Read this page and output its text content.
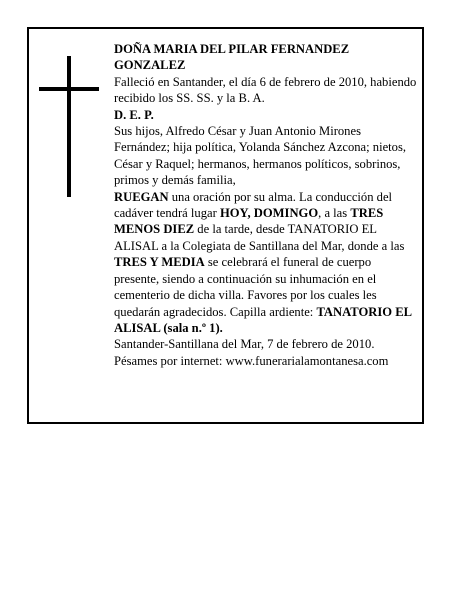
DOÑA MARIA DEL PILAR FERNANDEZ GONZALEZ

Falleció en Santander, el día 6 de febrero de 2010, habiendo recibido los SS. SS. y la B. A.

D. E. P.

Sus hijos, Alfredo César y Juan Antonio Mirones Fernández; hija política, Yolanda Sánchez Azcona; nietos, César y Raquel; hermanos, hermanos políticos, sobrinos, primos y demás familia,

RUEGAN una oración por su alma. La conducción del cadáver tendrá lugar HOY, DOMINGO, a las TRES MENOS DIEZ de la tarde, desde TANATORIO EL ALISAL a la Colegiata de Santillana del Mar, donde a las TRES Y MEDIA se celebrará el funeral de cuerpo presente, siendo a continuación su inhumación en el cementerio de dicha villa. Favores por los cuales les quedarán agradecidos. Capilla ardiente: TANATORIO EL ALISAL (sala n.º 1).

Santander-Santillana del Mar, 7 de febrero de 2010.

Pésames por internet: www.funerarialamontanesa.com
